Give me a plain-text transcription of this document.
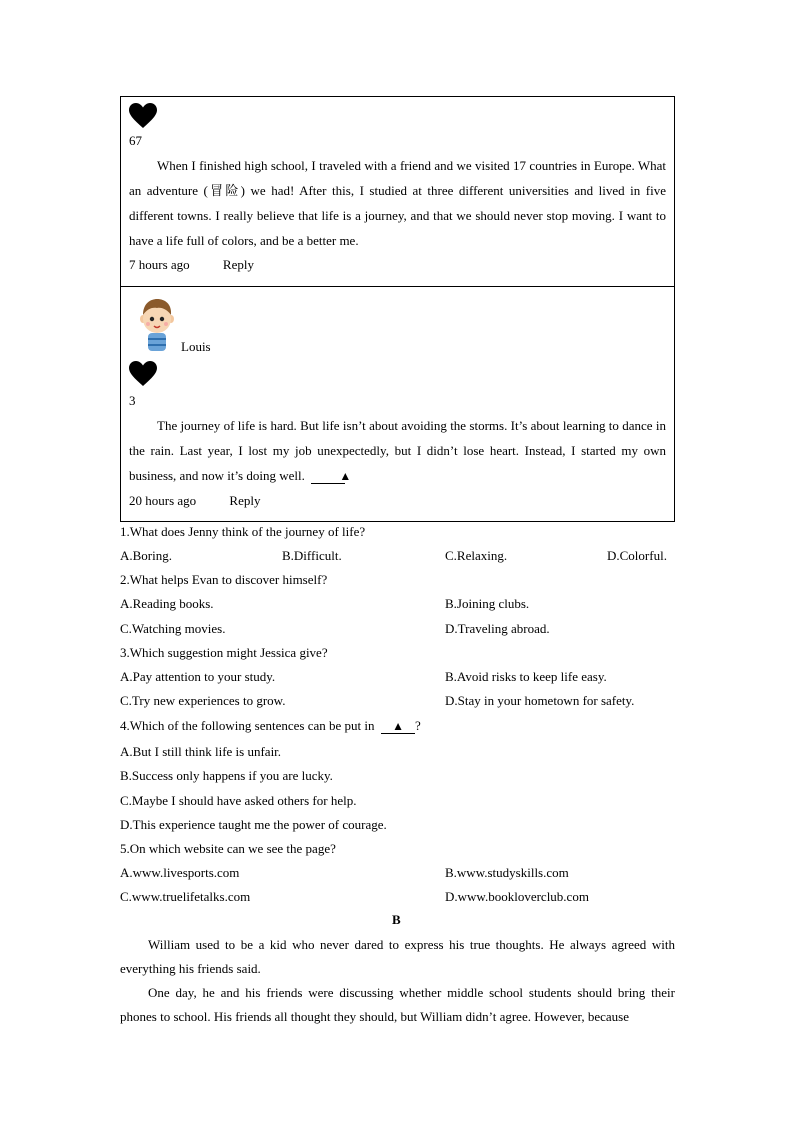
67

When I finished high school, I traveled with a friend and we visited 17 countries in Europe. What an adventure (冒险) we had! After this, I studied at three different universities and lived in five different towns. I really believe that life is a journey, and that we should never stop moving. I want to have a life full of colors, and be a better me.

7 hours ago	Reply
Louis
3

The journey of life is hard. But life isn’t about avoiding the storms. It’s about learning to dance in the rain. Last year, I lost my job unexpectedly, but I didn’t lose heart. Instead, I started my own business, and now it’s doing well.	▲

20 hours ago	Reply
1.What does Jenny think of the journey of life?
A.Boring.	B.Difficult.	C.Relaxing.	D.Colorful.
2.What helps Evan to discover himself?
A.Reading books.	B.Joining clubs.
C.Watching movies.	D.Traveling abroad.
3.Which suggestion might Jessica give?
A.Pay attention to your study.	B.Avoid risks to keep life easy.
C.Try new experiences to grow.	D.Stay in your hometown for safety.
4.Which of the following sentences can be put in ▲ ?
A.But I still think life is unfair.
B.Success only happens if you are lucky.
C.Maybe I should have asked others for help.
D.This experience taught me the power of courage.
5.On which website can we see the page?
A.www.livesports.com	B.www.studyskills.com
C.www.truelifetalks.com	D.www.bookloverclub.com
B

William used to be a kid who never dared to express his true thoughts. He always agreed with everything his friends said.

One day, he and his friends were discussing whether middle school students should bring their phones to school. His friends all thought they should, but William didn’t agree. However, because
